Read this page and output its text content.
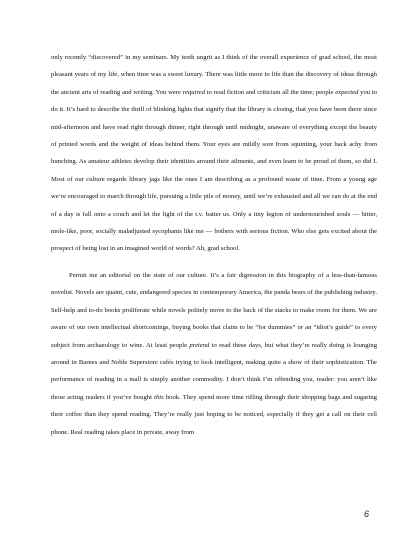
only recently “discovered” in my seminars. My teeth ungrit as I think of the overall experience of grad school, the most pleasant years of my life, when time was a sweet luxury. There was little more to life than the discovery of ideas through the ancient arts of reading and writing. You were required to read fiction and criticism all the time; people expected you to do it. It’s hard to describe the thrill of blinking lights that signify that the library is closing, that you have been there since mid-afternoon and have read right through dinner, right through until midnight, unaware of everything except the beauty of printed words and the weight of ideas behind them. Your eyes are mildly sore from squinting, your back achy from hunching. As amateur athletes develop their identities around their ailments, and even learn to be proud of them, so did I. Most of our culture regards library jags like the ones I am describing as a profound waste of time. From a young age we’re encouraged to march through life, pursuing a little pile of money, until we’re exhausted and all we can do at the end of a day is fall onto a couch and let the light of the t.v. batter us. Only a tiny legion of undernourished souls — bitter, mole-like, poor, socially maladjusted sycophants like me — bothers with serious fiction. Who else gets excited about the prospect of being lost in an imagined world of words? Ah, grad school.

Permit me an editorial on the state of our culture. It’s a fair digression in this biography of a less-than-famous novelist. Novels are quaint, cute, endangered species in contemporary America, the panda bears of the publishing industry. Self-help and to-do books proliferate while novels politely move to the back of the stacks to make room for them. We are aware of our own intellectual shortcomings, buying books that claim to be “for dummies” or an “idiot’s guide” to every subject from archaeology to wine. At least people pretend to read these days, but what they’re really doing is lounging around in Barnes and Noble Superstore cafés trying to look intelligent, making quite a show of their sophistication. The performance of reading in a mall is simply another commodity. I don’t think I’m offending you, reader: you aren’t like those acting readers if you’ve bought this book. They spend more time rifling through their shopping bags and sugaring their coffee than they spend reading. They’re really just hoping to be noticed, especially if they get a call on their cell phone. Real reading takes place in private, away from

6
